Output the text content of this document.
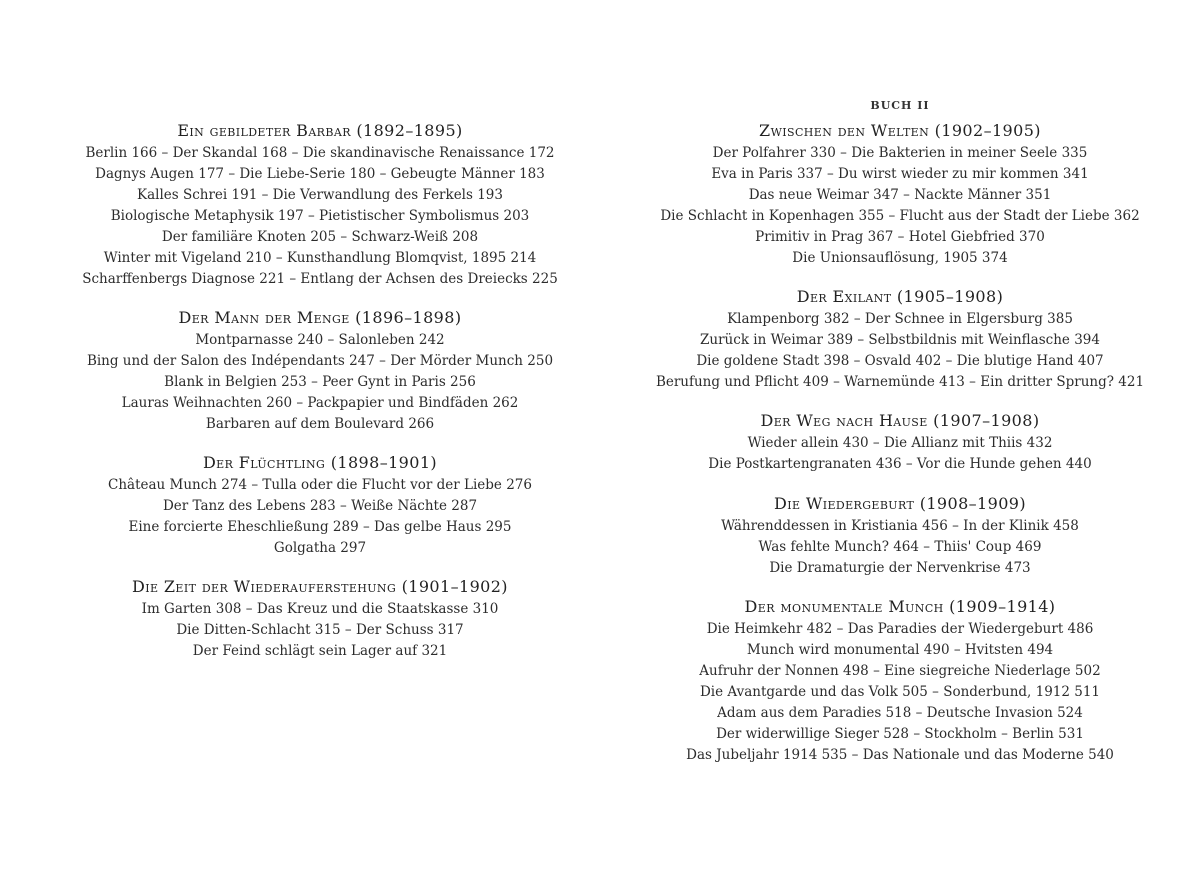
Ein gebildeter Barbar (1892–1895)
Berlin 166 – Der Skandal 168 – Die skandinavische Renaissance 172
Dagnys Augen 177 – Die Liebe-Serie 180 – Gebeugte Männer 183
Kalles Schrei 191 – Die Verwandlung des Ferkels 193
Biologische Metaphysik 197 – Pietistischer Symbolismus 203
Der familiäre Knoten 205 – Schwarz-Weiß 208
Winter mit Vigeland 210 – Kunsthandlung Blomqvist, 1895 214
Scharffenbergs Diagnose 221 – Entlang der Achsen des Dreiecks 225
Der Mann der Menge (1896–1898)
Montparnasse 240 – Salonleben 242
Bing und der Salon des Indépendants 247 – Der Mörder Munch 250
Blank in Belgien 253 – Peer Gynt in Paris 256
Lauras Weihnachten 260 – Packpapier und Bindfäden 262
Barbaren auf dem Boulevard 266
Der Flüchtling (1898–1901)
Château Munch 274 – Tulla oder die Flucht vor der Liebe 276
Der Tanz des Lebens 283 – Weiße Nächte 287
Eine forcierte Eheschließung 289 – Das gelbe Haus 295
Golgatha 297
Die Zeit der Wiederauferstehung (1901–1902)
Im Garten 308 – Das Kreuz und die Staatskasse 310
Die Ditten-Schlacht 315 – Der Schuss 317
Der Feind schlägt sein Lager auf 321
BUCH II
Zwischen den Welten (1902–1905)
Der Polfahrer 330 – Die Bakterien in meiner Seele 335
Eva in Paris 337 – Du wirst wieder zu mir kommen 341
Das neue Weimar 347 – Nackte Männer 351
Die Schlacht in Kopenhagen 355 – Flucht aus der Stadt der Liebe 362
Primitiv in Prag 367 – Hotel Giebfried 370
Die Unionsauflösung, 1905 374
Der Exilant (1905–1908)
Klampenborg 382 – Der Schnee in Elgersburg 385
Zurück in Weimar 389 – Selbstbildnis mit Weinflasche 394
Die goldene Stadt 398 – Osvald 402 – Die blutige Hand 407
Berufung und Pflicht 409 – Warnemünde 413 – Ein dritter Sprung? 421
Der Weg nach Hause (1907–1908)
Wieder allein 430 – Die Allianz mit Thiis 432
Die Postkartengranaten 436 – Vor die Hunde gehen 440
Die Wiedergeburt (1908–1909)
Währenddessen in Kristiania 456 – In der Klinik 458
Was fehlte Munch? 464 – Thiis' Coup 469
Die Dramaturgie der Nervenkrise 473
Der monumentale Munch (1909–1914)
Die Heimkehr 482 – Das Paradies der Wiedergeburt 486
Munch wird monumental 490 – Hvitsten 494
Aufruhr der Nonnen 498 – Eine siegreiche Niederlage 502
Die Avantgarde und das Volk 505 – Sonderbund, 1912 511
Adam aus dem Paradies 518 – Deutsche Invasion 524
Der widerwillige Sieger 528 – Stockholm – Berlin 531
Das Jubeljahr 1914 535 – Das Nationale und das Moderne 540
